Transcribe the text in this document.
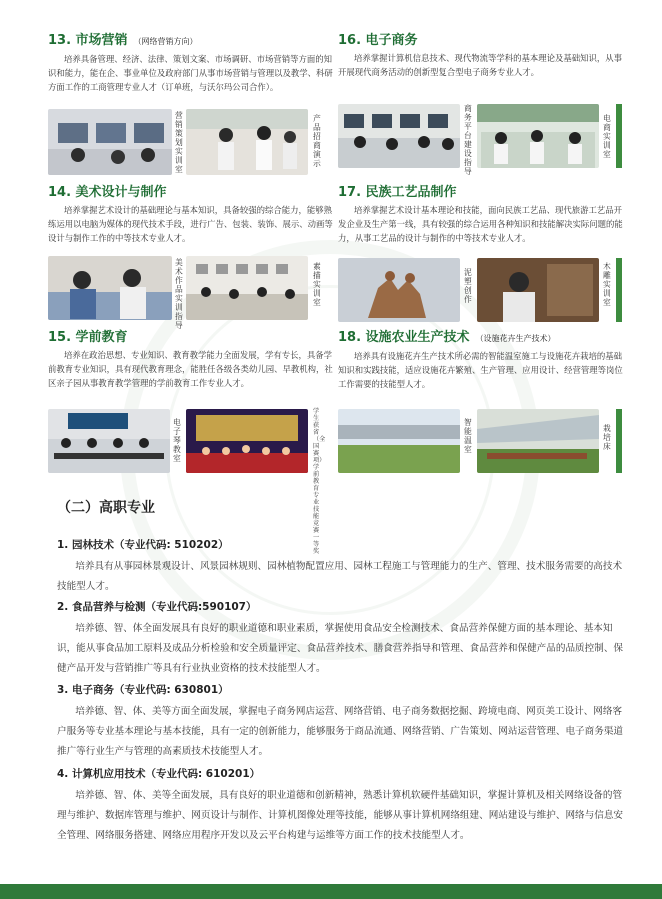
13. 市场营销 （网络营销方向）

培养具备管理、经济、法律、策划文案、市场调研、市场营销等方面的知识和能力，能在企、事业单位及政府部门从事市场营销与管理以及教学、科研方面工作的工商管理专业人才（订单班，与沃尔玛公司合作）。

营销策划实训室
产品招商演示
16. 电子商务

培养掌握计算机信息技术、现代物流等学科的基本理论及基础知识，从事开展现代商务活动的创新型复合型电子商务专业人才。

商务平台建设指导
电商实训室
14. 美术设计与制作

培养掌握艺术设计的基础理论与基本知识，具备较强的综合能力，能够熟练运用以电脑为媒体的现代技术手段，进行广告、包装、装饰、展示、动画等设计与制作工作的中等技术专业人才。

美术作品实训指导
素描实训室
17. 民族工艺品制作

培养掌握艺术设计基本理论和技能，面向民族工艺品、现代旅游工艺品开发企业及生产第一线，具有较强的综合运用各种知识和技能解决实际问题的能力，从事工艺品的设计与制作的中等技术专业人才。

泥塑创作
木雕实训室
15. 学前教育

培养在政治思想、专业知识、教育教学能力全面发展，学有专长，具备学前教育专业知识，具有现代教育理念，能胜任各级各类幼儿园、早教机构，社区亲子园从事教育教学管理的学前教育工作专业人才。

电子琴教室
学生获省（全国赛项）学前教育专业技能竞赛一等奖
18. 设施农业生产技术 （设施花卉生产技术）

培养具有设施花卉生产技术所必需的智能温室施工与设施花卉栽培的基础知识和实践技能，适应设施花卉繁殖、生产管理、应用设计、经营管理等岗位工作需要的技能型人才。

智能温室
栽培床
（二）高职专业
1. 园林技术（专业代码: 510202）

培养具有从事园林景观设计、风景园林规则、园林植物配置应用、园林工程施工与管理能力的生产、管理、技术服务需要的高技术技能型人才。

2. 食品营养与检测（专业代码:590107）

培养德、智、体全面发展具有良好的职业道德和职业素质，掌握使用食品安全检测技术、食品营养保健方面的基本理论、基本知识，能从事食品加工原料及成品分析检验和安全质量评定、食品营养技术、膳食营养指导和管理、食品营养和保健产品的品质控制、保健产品开发与营销推广等具有行业执业资格的技术技能型人才。

3. 电子商务（专业代码: 630801）

培养德、智、体、美等方面全面发展，掌握电子商务网店运营、网络营销、电子商务数据挖掘、跨境电商、网页美工设计、网络客户服务等专业基本理论与基本技能，具有一定的创新能力，能够服务于商品流通、网络营销、广告策划、网站运营管理、电子商务渠道推广等行业生产与管理的高素质技术技能型人才。

4. 计算机应用技术（专业代码: 610201）

培养德、智、体、美等全面发展，具有良好的职业道德和创新精神，熟悉计算机软硬件基础知识，掌握计算机及相关网络设备的管理与维护、数据库管理与维护、网页设计与制作、计算机图像处理等技能，能够从事计算机网络组建、网站建设与维护、网络与信息安全管理、网络服务搭建、网络应用程序开发以及云平台构建与运维等方面工作的技术技能型人才。
